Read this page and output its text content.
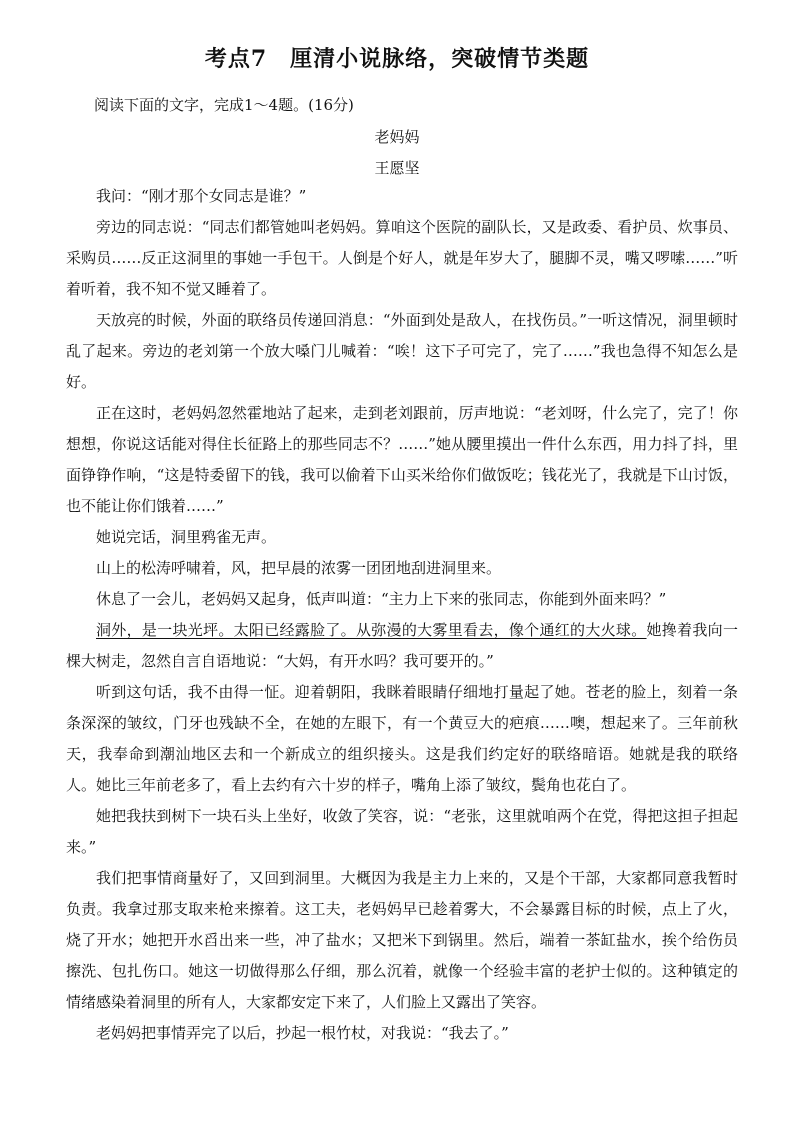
考点7　厘清小说脉络，突破情节类题
阅读下面的文字，完成1～4题。(16分)
老妈妈
王愿坚

我问：“刚才那个女同志是谁？”

旁边的同志说：“同志们都管她叫老妈妈。算咱这个医院的副队长，又是政委、看护员、炊事员、采购员……反正这洞里的事她一手包干。人倒是个好人，就是年岁大了，腿脚不灵，嘴又啰嗦……”听着听着，我不知不觉又睡着了。

天放亮的时候，外面的联络员传递回消息：“外面到处是敌人，在找伤员。”一听这情况，洞里顿时乱了起来。旁边的老刘第一个放大嗓门儿喊着：“唉！这下子可完了，完了……”我也急得不知怎么是好。

正在这时，老妈妈忽然霍地站了起来，走到老刘跟前，厉声地说：“老刘呀，什么完了，完了！你想想，你说这话能对得住长征路上的那些同志不？……”她从腰里摸出一件什么东西，用力抖了抖，里面铮铮作响，“这是特委留下的钱，我可以偷着下山买米给你们做饭吃；钱花光了，我就是下山讨饭，也不能让你们饿着……”

她说完话，洞里鸦雀无声。

山上的松涛呼啸着，风，把早晨的浓雾一团团地刮进洞里来。

休息了一会儿，老妈妈又起身，低声叫道：“主力上下来的张同志，你能到外面来吗？”

洞外，是一块光坪。太阳已经露脸了。从弥漫的大雾里看去，像个通红的大火球。她搀着我向一棵大树走，忽然自言自语地说：“大妈，有开水吗？我可要开的。”

听到这句话，我不由得一怔。迎着朝阳，我眯着眼睛仔细地打量起了她。苍老的脸上，刻着一条条深深的皱纹，门牙也残缺不全，在她的左眼下，有一个黄豆大的疤痕……噢，想起来了。三年前秋天，我奉命到潮汕地区去和一个新成立的组织接头。这是我们约定好的联络暗语。她就是我的联络人。她比三年前老多了，看上去约有六十岁的样子，嘴角上添了皱纹，鬓角也花白了。

她把我扶到树下一块石头上坐好，收敛了笑容，说：“老张，这里就咱两个在党，得把这担子担起来。”

我们把事情商量好了，又回到洞里。大概因为我是主力上来的，又是个干部，大家都同意我暂时负责。我拿过那支取来枪来擦着。这工夫，老妈妈早已趁着雾大，不会暴露目标的时候，点上了火，烧了开水；她把开水舀出来一些，冲了盐水；又把米下到锅里。然后，端着一茶缸盐水，挨个给伤员擦洗、包扎伤口。她这一切做得那么仔细，那么沉着，就像一个经验丰富的老护士似的。这种镇定的情绪感染着洞里的所有人，大家都安定下来了，人们脸上又露出了笑容。

老妈妈把事情弄完了以后，抄起一根竹杖，对我说：“我去了。”
